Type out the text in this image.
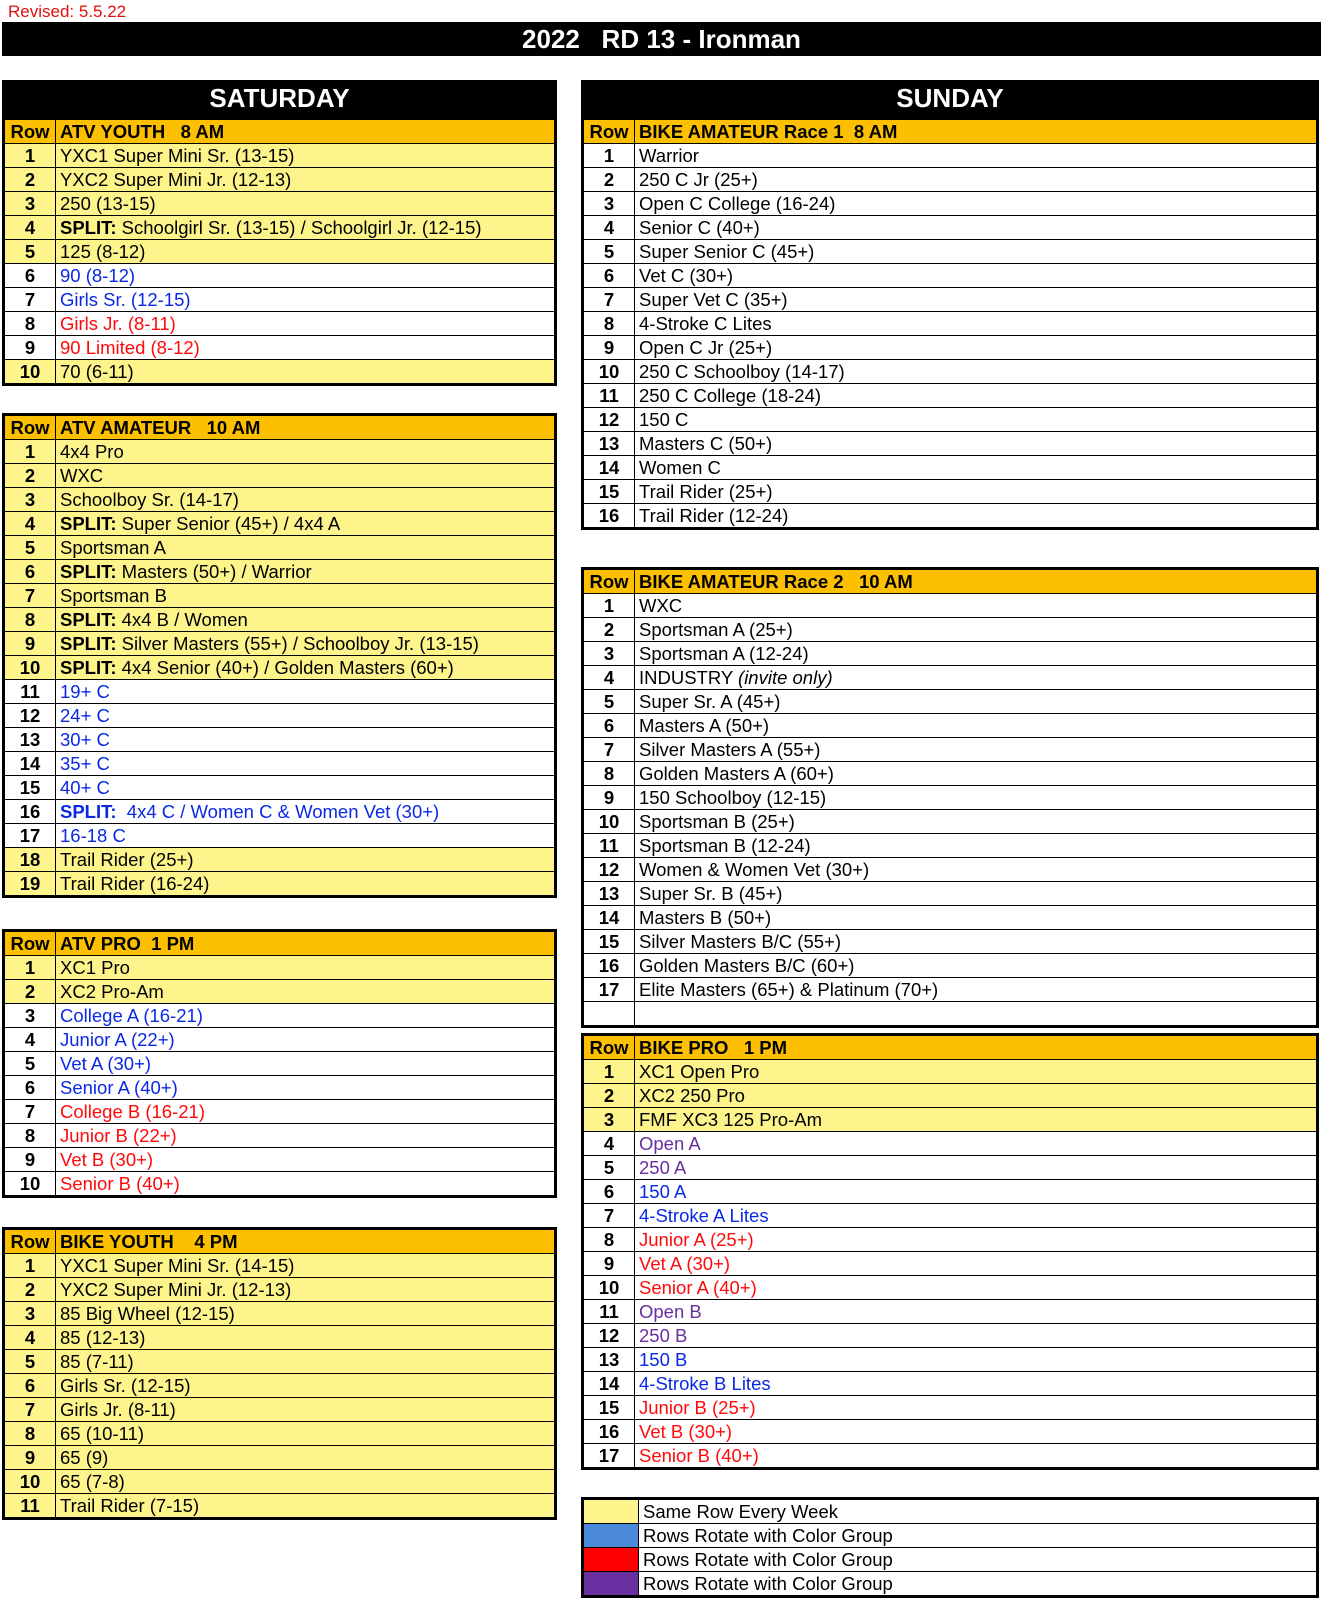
Revised: 5.5.22
2022   RD 13 - Ironman
SATURDAY	SUNDAY
Row	ATV YOUTH   8 AM
1	YXC1 Super Mini Sr. (13-15)
2	YXC2 Super Mini Jr. (12-13)
3	250 (13-15)
4	SPLIT: Schoolgirl Sr. (13-15) / Schoolgirl Jr. (12-15)
5	125 (8-12)
6	90 (8-12)
7	Girls Sr. (12-15)
8	Girls Jr. (8-11)
9	90 Limited (8-12)
10	70 (6-11)
Row	ATV AMATEUR   10 AM
1	4x4 Pro
2	WXC
3	Schoolboy Sr. (14-17)
4	SPLIT: Super Senior (45+) / 4x4 A
5	Sportsman A
6	SPLIT: Masters (50+) / Warrior
7	Sportsman B
8	SPLIT: 4x4 B / Women
9	SPLIT: Silver Masters (55+) / Schoolboy Jr. (13-15)
10	SPLIT: 4x4 Senior (40+) / Golden Masters (60+)
11	19+ C
12	24+ C
13	30+ C
14	35+ C
15	40+ C
16	SPLIT:  4x4 C / Women C & Women Vet (30+)
17	16-18 C
18	Trail Rider (25+)
19	Trail Rider (16-24)
Row	ATV PRO  1 PM
1	XC1 Pro
2	XC2 Pro-Am
3	College A (16-21)
4	Junior A (22+)
5	Vet A (30+)
6	Senior A (40+)
7	College B (16-21)
8	Junior B (22+)
9	Vet B (30+)
10	Senior B (40+)
Row	BIKE YOUTH    4 PM
1	YXC1 Super Mini Sr. (14-15)
2	YXC2 Super Mini Jr. (12-13)
3	85 Big Wheel (12-15)
4	85 (12-13)
5	85 (7-11)
6	Girls Sr. (12-15)
7	Girls Jr. (8-11)
8	65 (10-11)
9	65 (9)
10	65 (7-8)
11	Trail Rider (7-15)
Row	BIKE AMATEUR Race 1  8 AM
1	Warrior
2	250 C Jr (25+)
3	Open C College (16-24)
4	Senior C (40+)
5	Super Senior C (45+)
6	Vet C (30+)
7	Super Vet C (35+)
8	4-Stroke C Lites
9	Open C Jr (25+)
10	250 C Schoolboy (14-17)
11	250 C College (18-24)
12	150 C
13	Masters C (50+)
14	Women C
15	Trail Rider (25+)
16	Trail Rider (12-24)
Row	BIKE AMATEUR Race 2   10 AM
1	WXC
2	Sportsman A (25+)
3	Sportsman A (12-24)
4	INDUSTRY (invite only)
5	Super Sr. A (45+)
6	Masters A (50+)
7	Silver Masters A (55+)
8	Golden Masters A (60+)
9	150 Schoolboy (12-15)
10	Sportsman B (25+)
11	Sportsman B (12-24)
12	Women & Women Vet (30+)
13	Super Sr. B (45+)
14	Masters B (50+)
15	Silver Masters B/C (55+)
16	Golden Masters B/C (60+)
17	Elite Masters (65+) & Platinum (70+)

Row	BIKE PRO   1 PM
1	XC1 Open Pro
2	XC2 250 Pro
3	FMF XC3 125 Pro-Am
4	Open A
5	250 A
6	150 A
7	4-Stroke A Lites
8	Junior A (25+)
9	Vet A (30+)
10	Senior A (40+)
11	Open B
12	250 B
13	150 B
14	4-Stroke B Lites
15	Junior B (25+)
16	Vet B (30+)
17	Senior B (40+)
	Same Row Every Week
	Rows Rotate with Color Group
	Rows Rotate with Color Group
	Rows Rotate with Color Group
